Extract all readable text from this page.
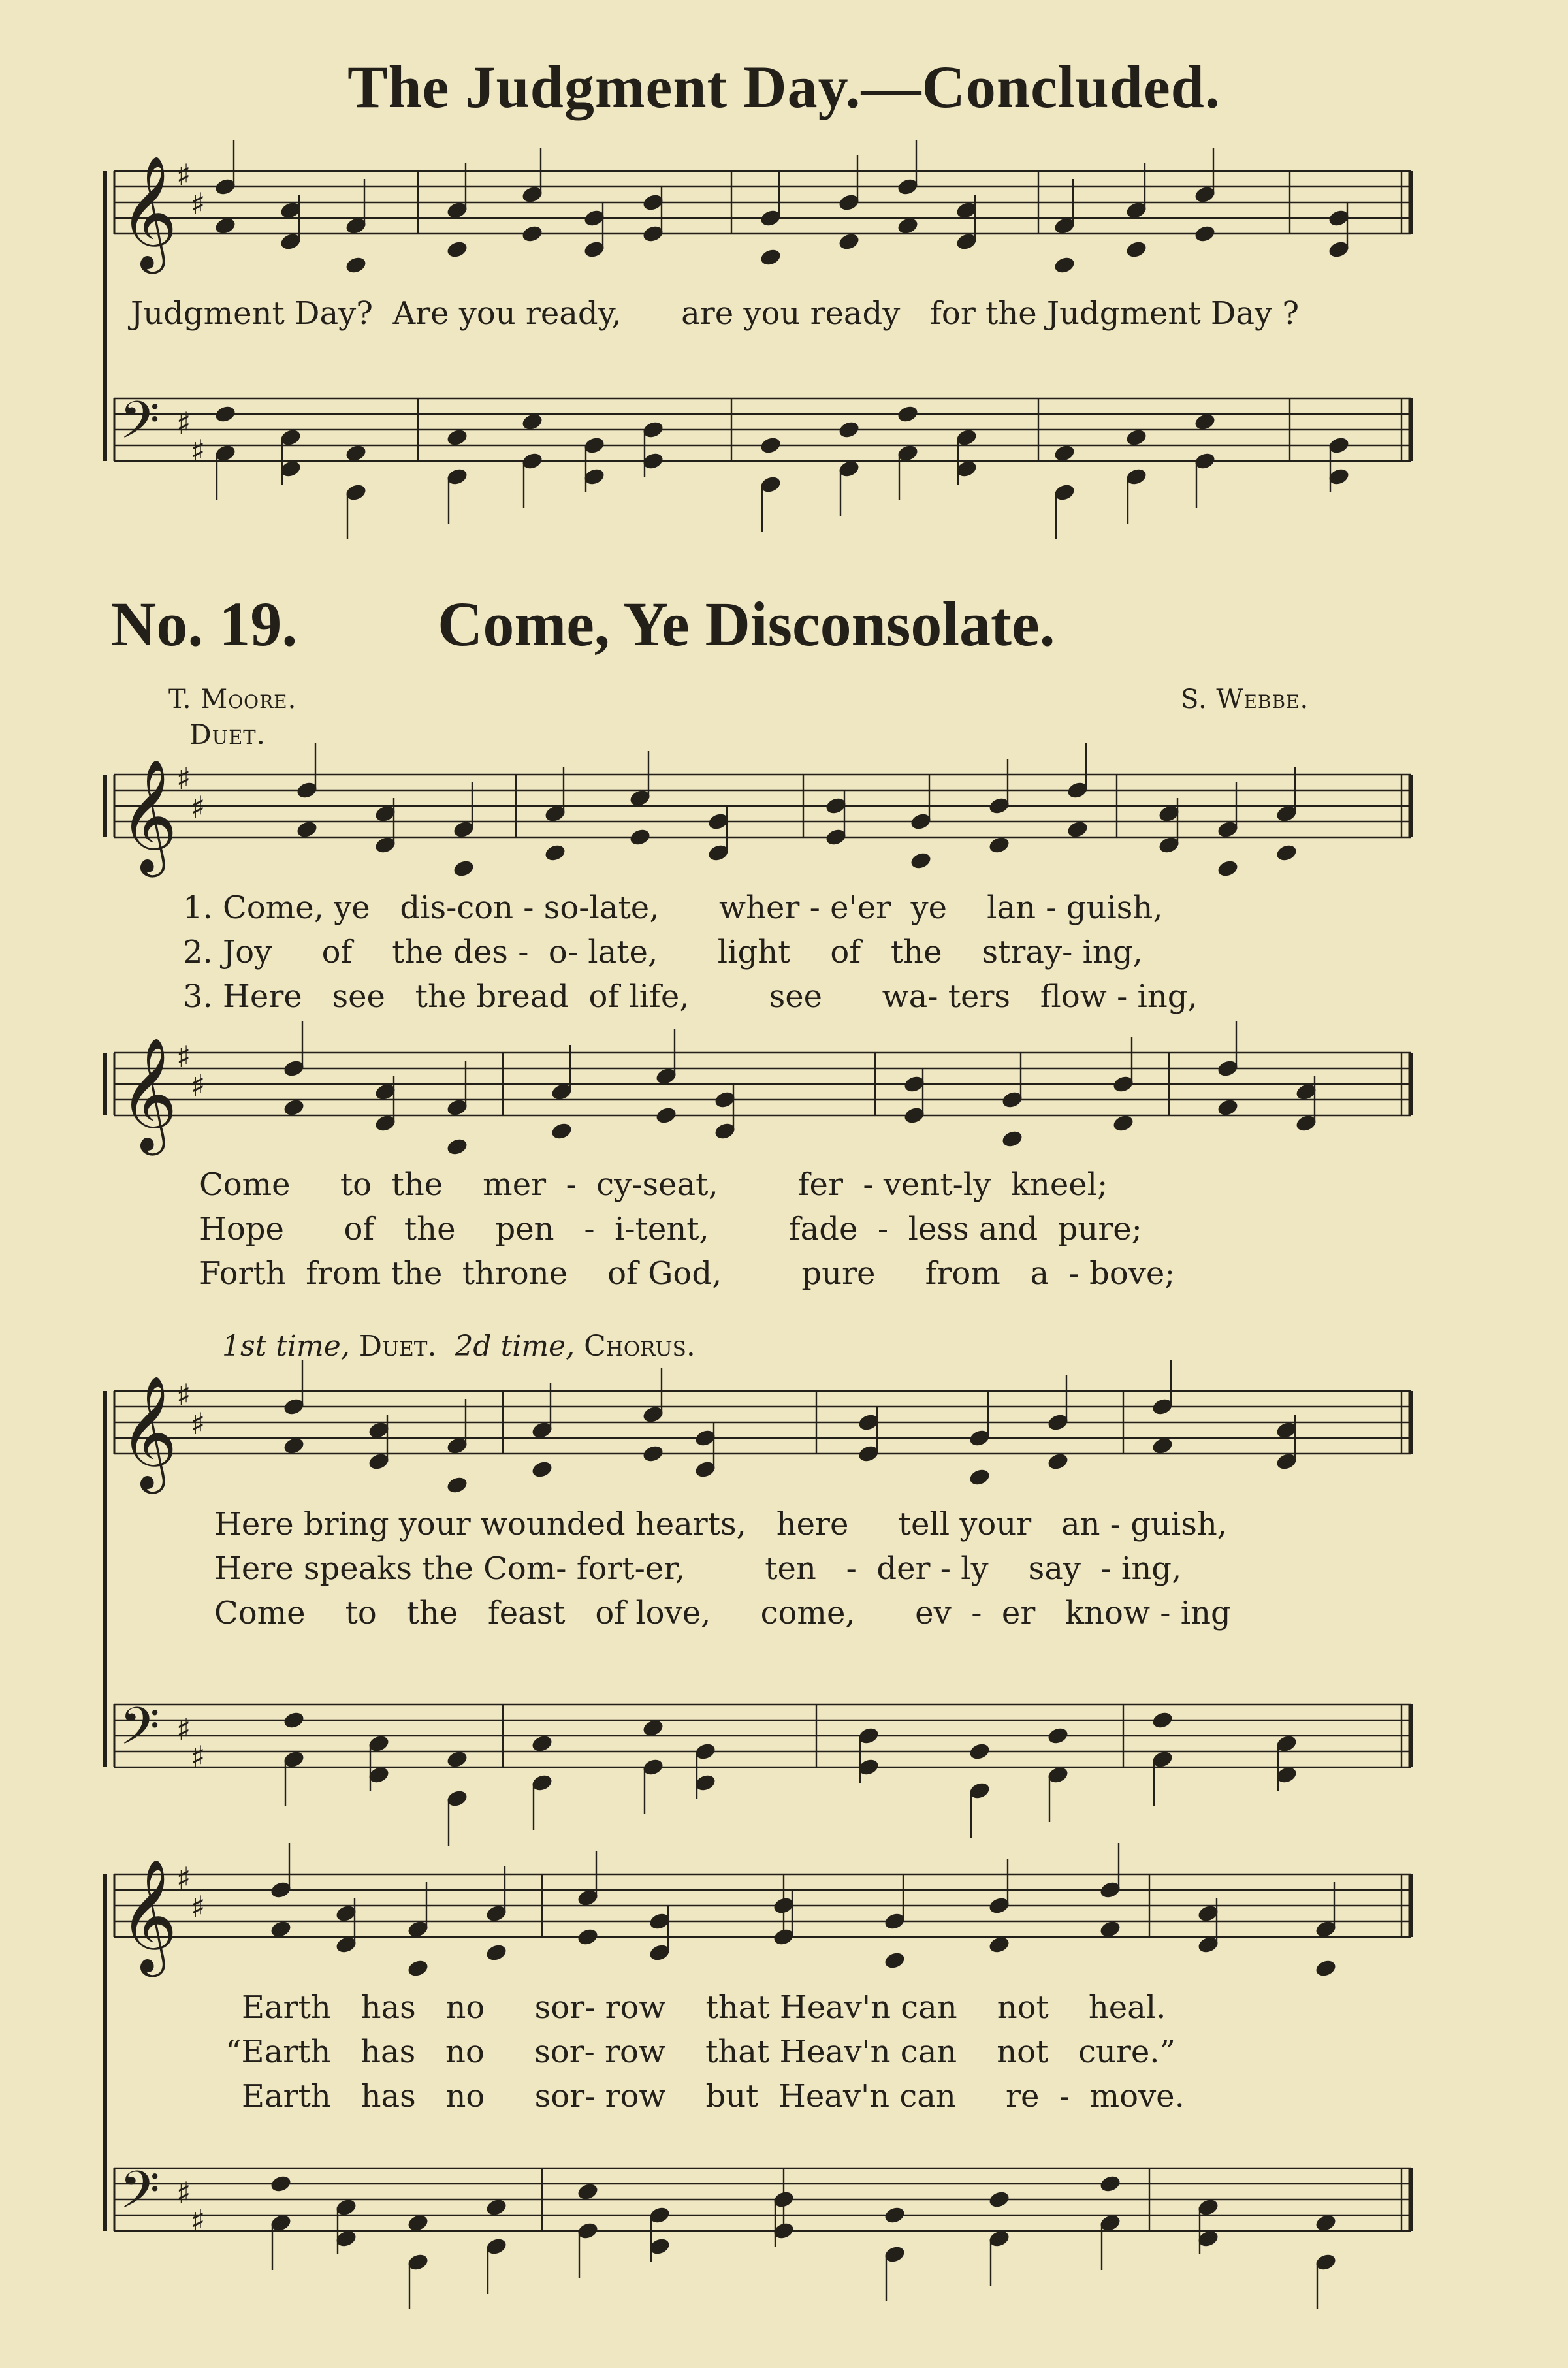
The Judgment Day.—Concluded.
𝄞
♯
♯
𝄢 ♯
♯
𝄞
♯
♯
𝄞
♯
♯
𝄞
♯
♯
𝄢 ♯
♯
𝄞
♯
♯
𝄢 ♯
♯
Judgment Day?  Are you ready,      are you ready   for the Judgment Day ?
No. 19. Come, Ye Disconsolate.
T. Moore.	S. Webbe.
Duet.
1. Come, ye   dis-con - so-late,      wher - e'er  ye    lan - guish,
2. Joy     of    the des -  o- late,      light    of   the    stray- ing,
3. Here   see   the bread  of life,        see      wa- ters   flow - ing,
Come     to  the    mer  -  cy-seat,        fer  - vent-ly  kneel;
Hope      of   the    pen   -  i-tent,        fade  -  less and  pure;
Forth  from the  throne    of God,        pure     from   a  - bove;
1st time, Duet. 2d time, Chorus.
Here bring your wounded hearts,   here     tell your   an - guish,
Here speaks the Com- fort-er,        ten   -  der - ly    say  - ing,
Come    to   the   feast   of love,     come,      ev  -  er   know - ing
Earth   has   no     sor- row    that Heav'n can    not    heal.
“Earth   has   no     sor- row    that Heav'n can    not   cure.”
Earth   has   no     sor- row    but  Heav'n can     re  -  move.
